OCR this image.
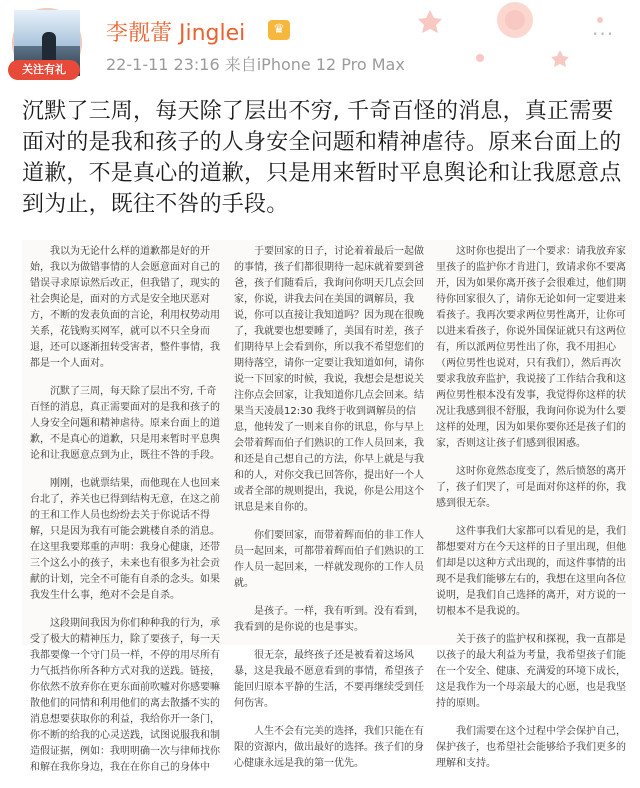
关注有礼
李靓蕾 Jinglei	♛
22-1-11 23:16 来自iPhone 12 Pro Max
···

沉默了三周，每天除了层出不穷, 千奇百怪的消息，真正需要面对的是我和孩子的人身安全问题和精神虐待。原来台面上的道歉，不是真心的道歉，只是用来暂时平息舆论和让我愿意点到为止，既往不咎的手段。

我以为无论什么样的道歉都是好的开始，我以为做错事情的人会愿意面对自己的错误寻求原谅然后改正，但我错了，现实的社会舆论是，面对的方式是安全地厌恶对方，不断的发表负面的言论，利用权势动用关系，花钱购买网军，就可以不只全身而退，还可以逐渐扭转受害者，整件事情，我都是一个人面对。

沉默了三周，每天除了层出不穷, 千奇百怪的消息，真正需要面对的是我和孩子的人身安全问题和精神虐待。原来台面上的道歉，不是真心的道歉，只是用来暂时平息舆论和让我愿意点到为止，既往不咎的手段。

刚刚，也就票结果，而他现在人也回来台北了，养关也已得到结构无意，在这之前的王和工作人员也纷纷去关于你说话不得解，只是因为我有可能会跳楼自杀的消息。在这里我要郑重的声明：我身心健康，还带三个这么小的孩子，未来也有很多为社会贡献的计划，完全不可能有自杀的念头。如果我发生什么事，绝对不会是自杀。

这段期间我因为你们种种我的行为，承受了极大的精神压力，除了要孩子，每一天我都要像一个守门员一样，不停的用尽所有力气抵挡你所各种方式对我的送践。链接，你依然不放弃你在更东面前吹嘘对你感要嘛散他们的同情和利用他们的离去散播不实的消息想要获取你的利益，我给你开一条门，你不断的给我的心灵送践，试图说服我和制造假证据，例如：我明明确一次与律师找你和解在我你身边，我在在你自己的身体中

于要回家的日子，讨论着着最后一起做的事情，孩子们都很期待一起床就着要到爸爸，孩子们随看后，我询问你明天几点会回家，你说，讲我去问在美国的调解员，我说，你可以直接让我知道吗？因为现在很晚了，我就要也想要睡了，美国有时差，孩子们期待早上会看到你，所以我不希望您们的期待落空，请你一定要让我知道如何，请你说一下回家的时候，我说，我想会是想说关注你点会回家，让我知道你几点会回来。结果当天凌晨12:30 我终于收到调解员的信息，他转发了一则来自你的讯息，你与早上会带着辉而伯子们熟识的工作人员回来，我和还是自己想自己的方法，你早上就是与我和的人，对你交我已回答你，提出好一个人或者全部的规则提出，我说，你是公用这个讯息是来自你的。

你们要回家，而带着辉而伯的非工作人员一起回来，可都带着辉而伯子们熟识的工作人员一起回来，一样就发现你的工作人员就。

是孩子。一样，我有听到。没有看到，我看到的是你说的也是事实。

很无奈，最终孩子还是被看着这场风暴，这是我最不愿意看到的事情，希望孩子能回归原本平静的生活，不要再继续受到任何伤害。

人生不会有完美的选择，我们只能在有限的资源内，做出最好的选择。孩子们的身心健康永远是我的第一优先。

这时你也提出了一个要求：请我放弃家里孩子的监护你才肯进门，致请求你不要离开，因为如果你离开孩子会很难过，他们期待你回家很久了，请你无论如何一定要进来看孩子。我再次要求两位男性离开，让你可以进来看孩子，你说外国保证就只有这两位有，所以派两位男性出了你，我不用担心（两位男性也说对，只有我们），然后再次要求我放弃监护，我说接了工作结合我和这两位男性根本没有发事，我觉得你这样的状况让我感到很不舒服，我询问你说为什么要这样的处理，因为如果你要你还是孩子们的家，否则这让孩子们感到很困惑。

这时你竟然态度变了，然后愤怒的离开了，孩子们哭了，可是面对你这样的你，我感到很无奈。

这件事我们大家都可以看见的是，我们都想要对方在今天这样的日子里出现，但他们却是以这种方式出现的，而这件事情的出现不是我们能够左右的，我想在这里向各位说明，是我们自己选择的离开，对方说的一切根本不是我说的。

关于孩子的监护权和探视，我一直都是以孩子的最大利益为考量，我希望孩子们能在一个安全、健康、充满爱的环境下成长，这是我作为一个母亲最大的心愿，也是我坚持的原则。

我们需要在这个过程中学会保护自己，保护孩子，也希望社会能够给予我们更多的理解和支持。
